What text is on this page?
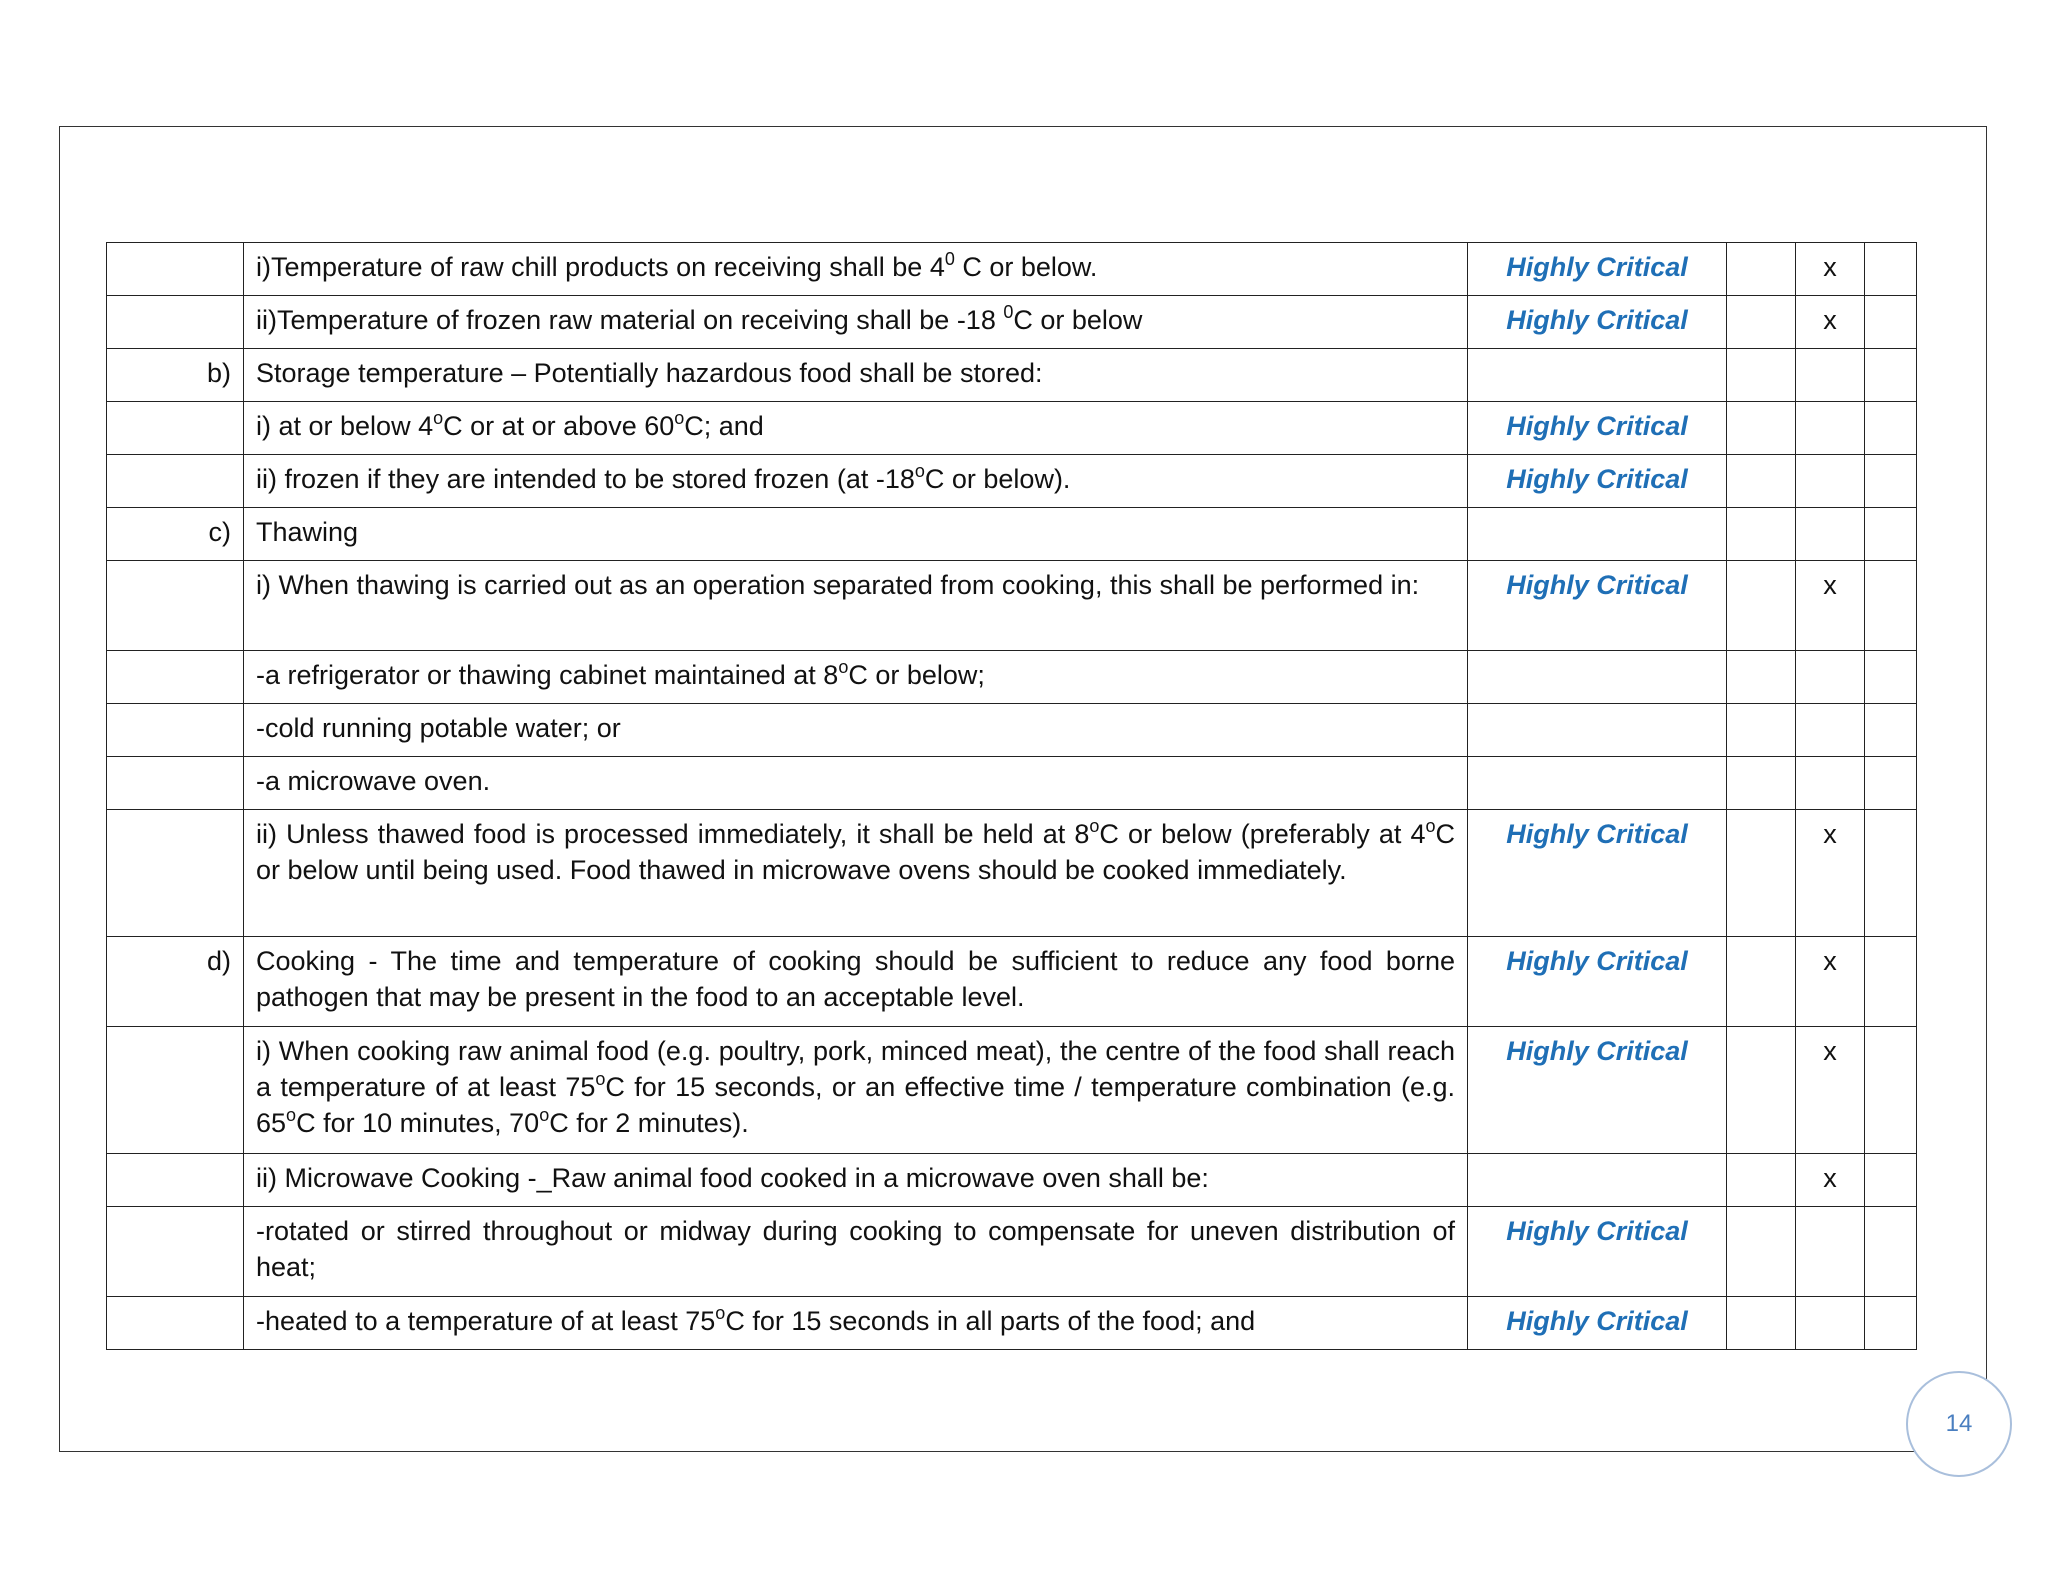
	i)Temperature of raw chill products on receiving shall be $4^0$ C or below.	Highly Critical		x	
	ii)Temperature of frozen raw material on receiving shall be -18 $^0$C or below	Highly Critical		x	
b)	Storage temperature – Potentially hazardous food shall be stored:				
	i) at or below 4$^o$C or at or above 60$^o$C; and	Highly Critical			
	ii) frozen if they are intended to be stored frozen (at -18$^o$C or below).	Highly Critical			
c)	Thawing				
	i) When thawing is carried out as an operation separated from cooking, this shall be performed in:	Highly Critical		x	
	-a refrigerator or thawing cabinet maintained at 8$^o$C or below;				
	-cold running potable water; or				
	-a microwave oven.				
	ii) Unless thawed food is processed immediately, it shall be held at 8$^o$C or below (preferably at 4$^o$C or below until being used. Food thawed in microwave ovens should be cooked immediately.	Highly Critical		x	
d)	Cooking - The time and temperature of cooking should be sufficient to reduce any food borne pathogen that may be present in the food to an acceptable level.	Highly Critical		x	
	i) When cooking raw animal food (e.g. poultry, pork, minced meat), the centre of the food shall reach a temperature of at least 75$^o$C for 15 seconds, or an effective time / temperature combination (e.g. 65$^o$C for 10 minutes, 70$^o$C for 2 minutes).	Highly Critical		x	
	ii) Microwave Cooking -_Raw animal food cooked in a microwave oven shall be:			x	
	-rotated or stirred throughout or midway during cooking to compensate for uneven distribution of heat;	Highly Critical			
	-heated to a temperature of at least 75$^o$C for 15 seconds in all parts of the food; and	Highly Critical			
14
